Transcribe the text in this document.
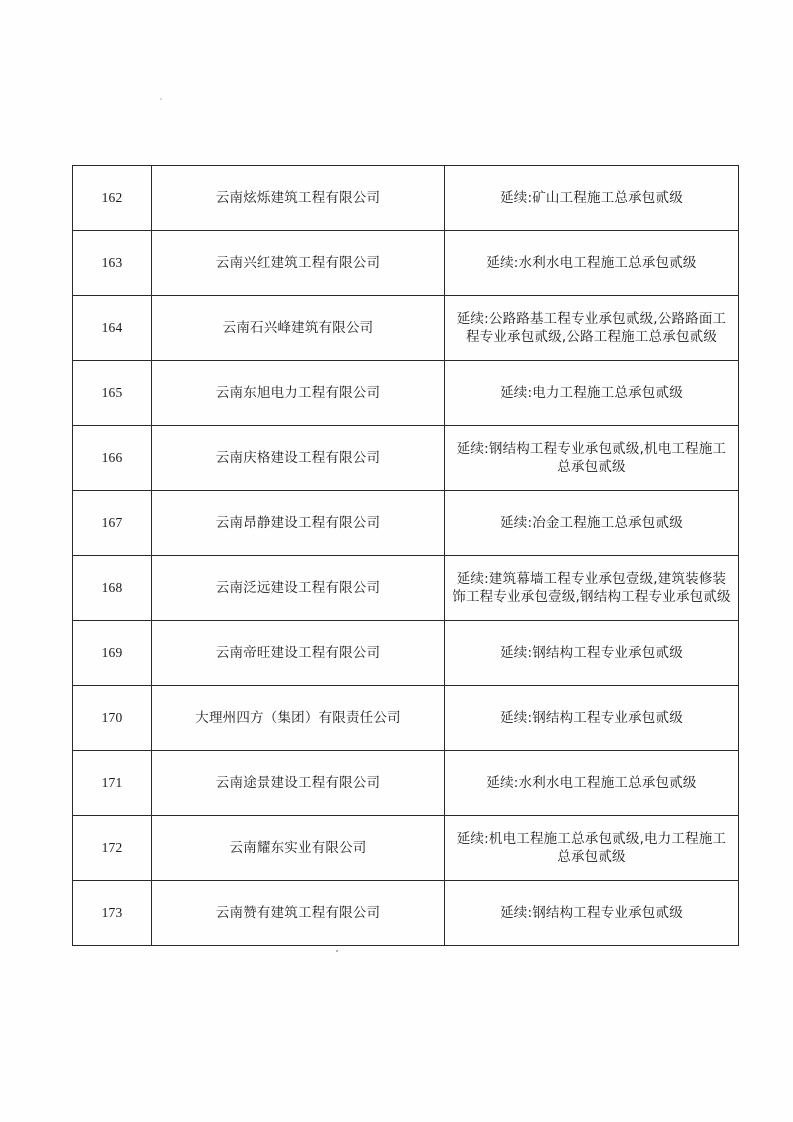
162	云南炫烁建筑工程有限公司	延续:矿山工程施工总承包贰级
163	云南兴红建筑工程有限公司	延续:水利水电工程施工总承包贰级
164	云南石兴峰建筑有限公司	延续:公路路基工程专业承包贰级,公路路面工程专业承包贰级,公路工程施工总承包贰级
165	云南东旭电力工程有限公司	延续:电力工程施工总承包贰级
166	云南庆格建设工程有限公司	延续:钢结构工程专业承包贰级,机电工程施工总承包贰级
167	云南昂静建设工程有限公司	延续:冶金工程施工总承包贰级
168	云南泛远建设工程有限公司	延续:建筑幕墙工程专业承包壹级,建筑装修装饰工程专业承包壹级,钢结构工程专业承包贰级
169	云南帝旺建设工程有限公司	延续:钢结构工程专业承包贰级
170	大理州四方（集团）有限责任公司	延续:钢结构工程专业承包贰级
171	云南途景建设工程有限公司	延续:水利水电工程施工总承包贰级
172	云南耀东实业有限公司	延续:机电工程施工总承包贰级,电力工程施工总承包贰级
173	云南赞有建筑工程有限公司	延续:钢结构工程专业承包贰级
